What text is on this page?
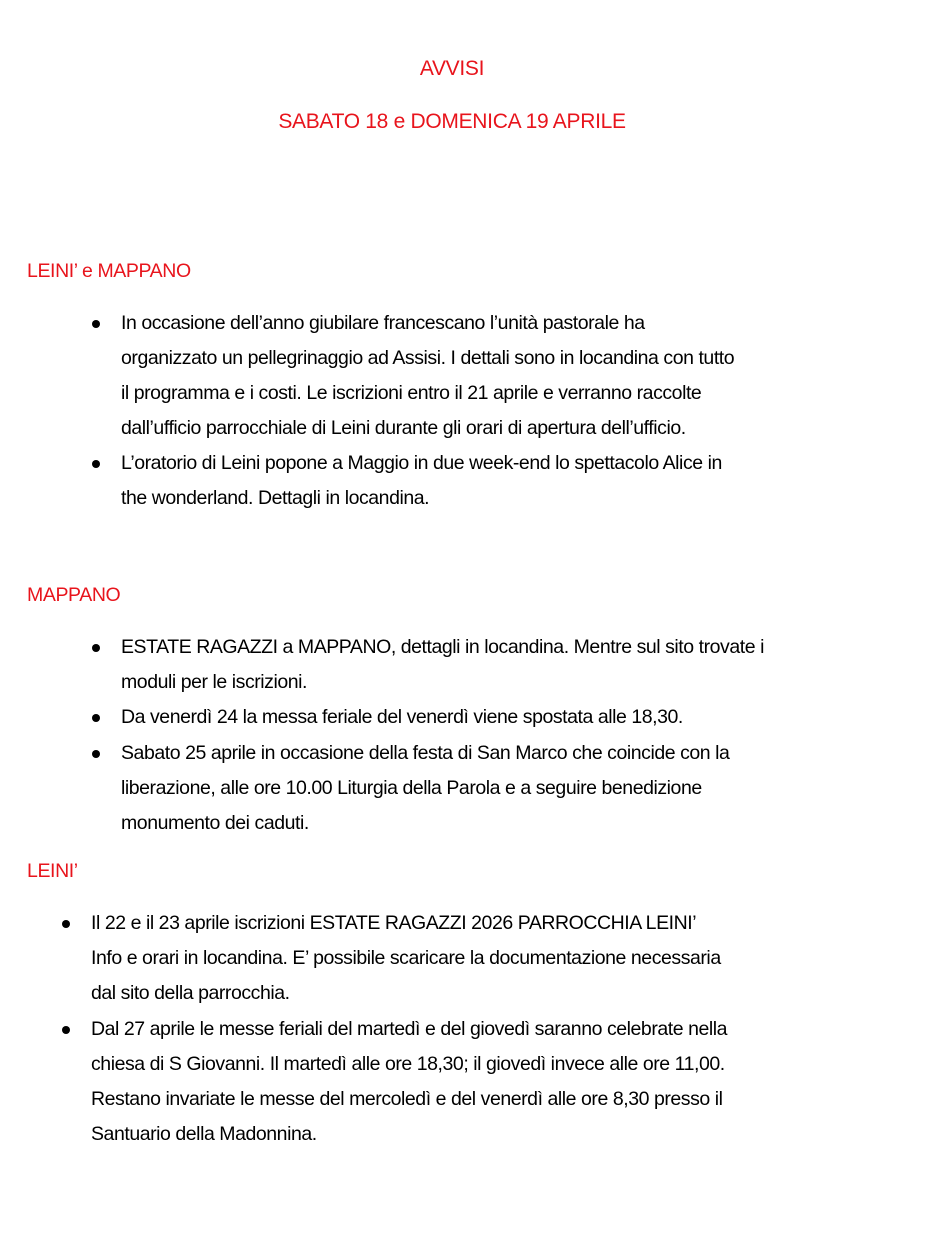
AVVISI
SABATO 18 e DOMENICA 19 APRILE
LEINI’ e MAPPANO
In occasione dell’anno giubilare francescano l’unità pastorale ha
organizzato un pellegrinaggio ad Assisi. I dettali sono in locandina con tutto
il programma e i costi. Le iscrizioni entro il 21 aprile e verranno raccolte
dall’ufficio parrocchiale di Leini durante gli orari di apertura dell’ufficio.
L’oratorio di Leini popone a Maggio in due week-end lo spettacolo Alice in
the wonderland. Dettagli in locandina.
MAPPANO
ESTATE RAGAZZI a MAPPANO, dettagli in locandina. Mentre sul sito trovate i
moduli per le iscrizioni.
Da venerdì 24 la messa feriale del venerdì viene spostata alle 18,30.
Sabato 25 aprile in occasione della festa di San Marco che coincide con la
liberazione, alle ore 10.00 Liturgia della Parola e a seguire benedizione
monumento dei caduti.
LEINI’
Il 22 e il 23 aprile iscrizioni ESTATE RAGAZZI 2026 PARROCCHIA LEINI’
Info e orari in locandina. E’ possibile scaricare la documentazione necessaria
dal sito della parrocchia.
Dal 27 aprile le messe feriali del martedì e del giovedì saranno celebrate nella
chiesa di S Giovanni. Il martedì alle ore 18,30; il giovedì invece alle ore 11,00.
Restano invariate le messe del mercoledì e del venerdì alle ore 8,30 presso il
Santuario della Madonnina.
